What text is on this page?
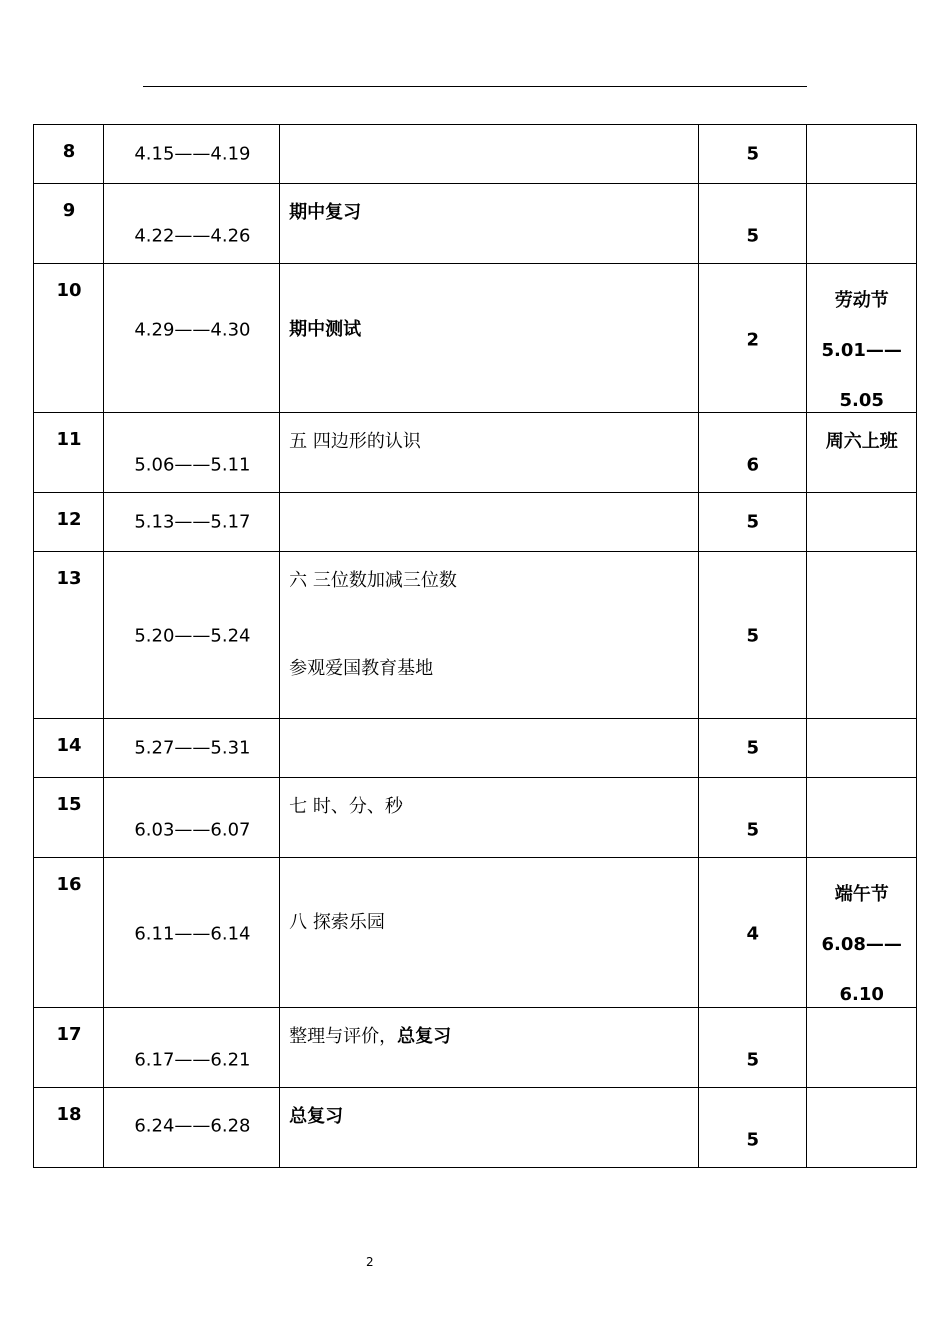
8	4.15——4.19		5	

9	4.22——4.26	期中复习	5	

10	4.29——4.30	期中测试	2	劳动节
5.01——
5.05

11	5.06——5.11	五 四边形的认识	6	周六上班

12	5.13——5.17		5	

13	5.20——5.24	六 三位数加减三位数
参观爱国教育基地	5	

14	5.27——5.31		5	

15	6.03——6.07	七 时、分、秒	5	

16	6.11——6.14	八 探索乐园	4	端午节
6.08——
6.10

17	6.17——6.21	整理与评价，总复习	5	

18	6.24——6.28	总复习	5	

2
